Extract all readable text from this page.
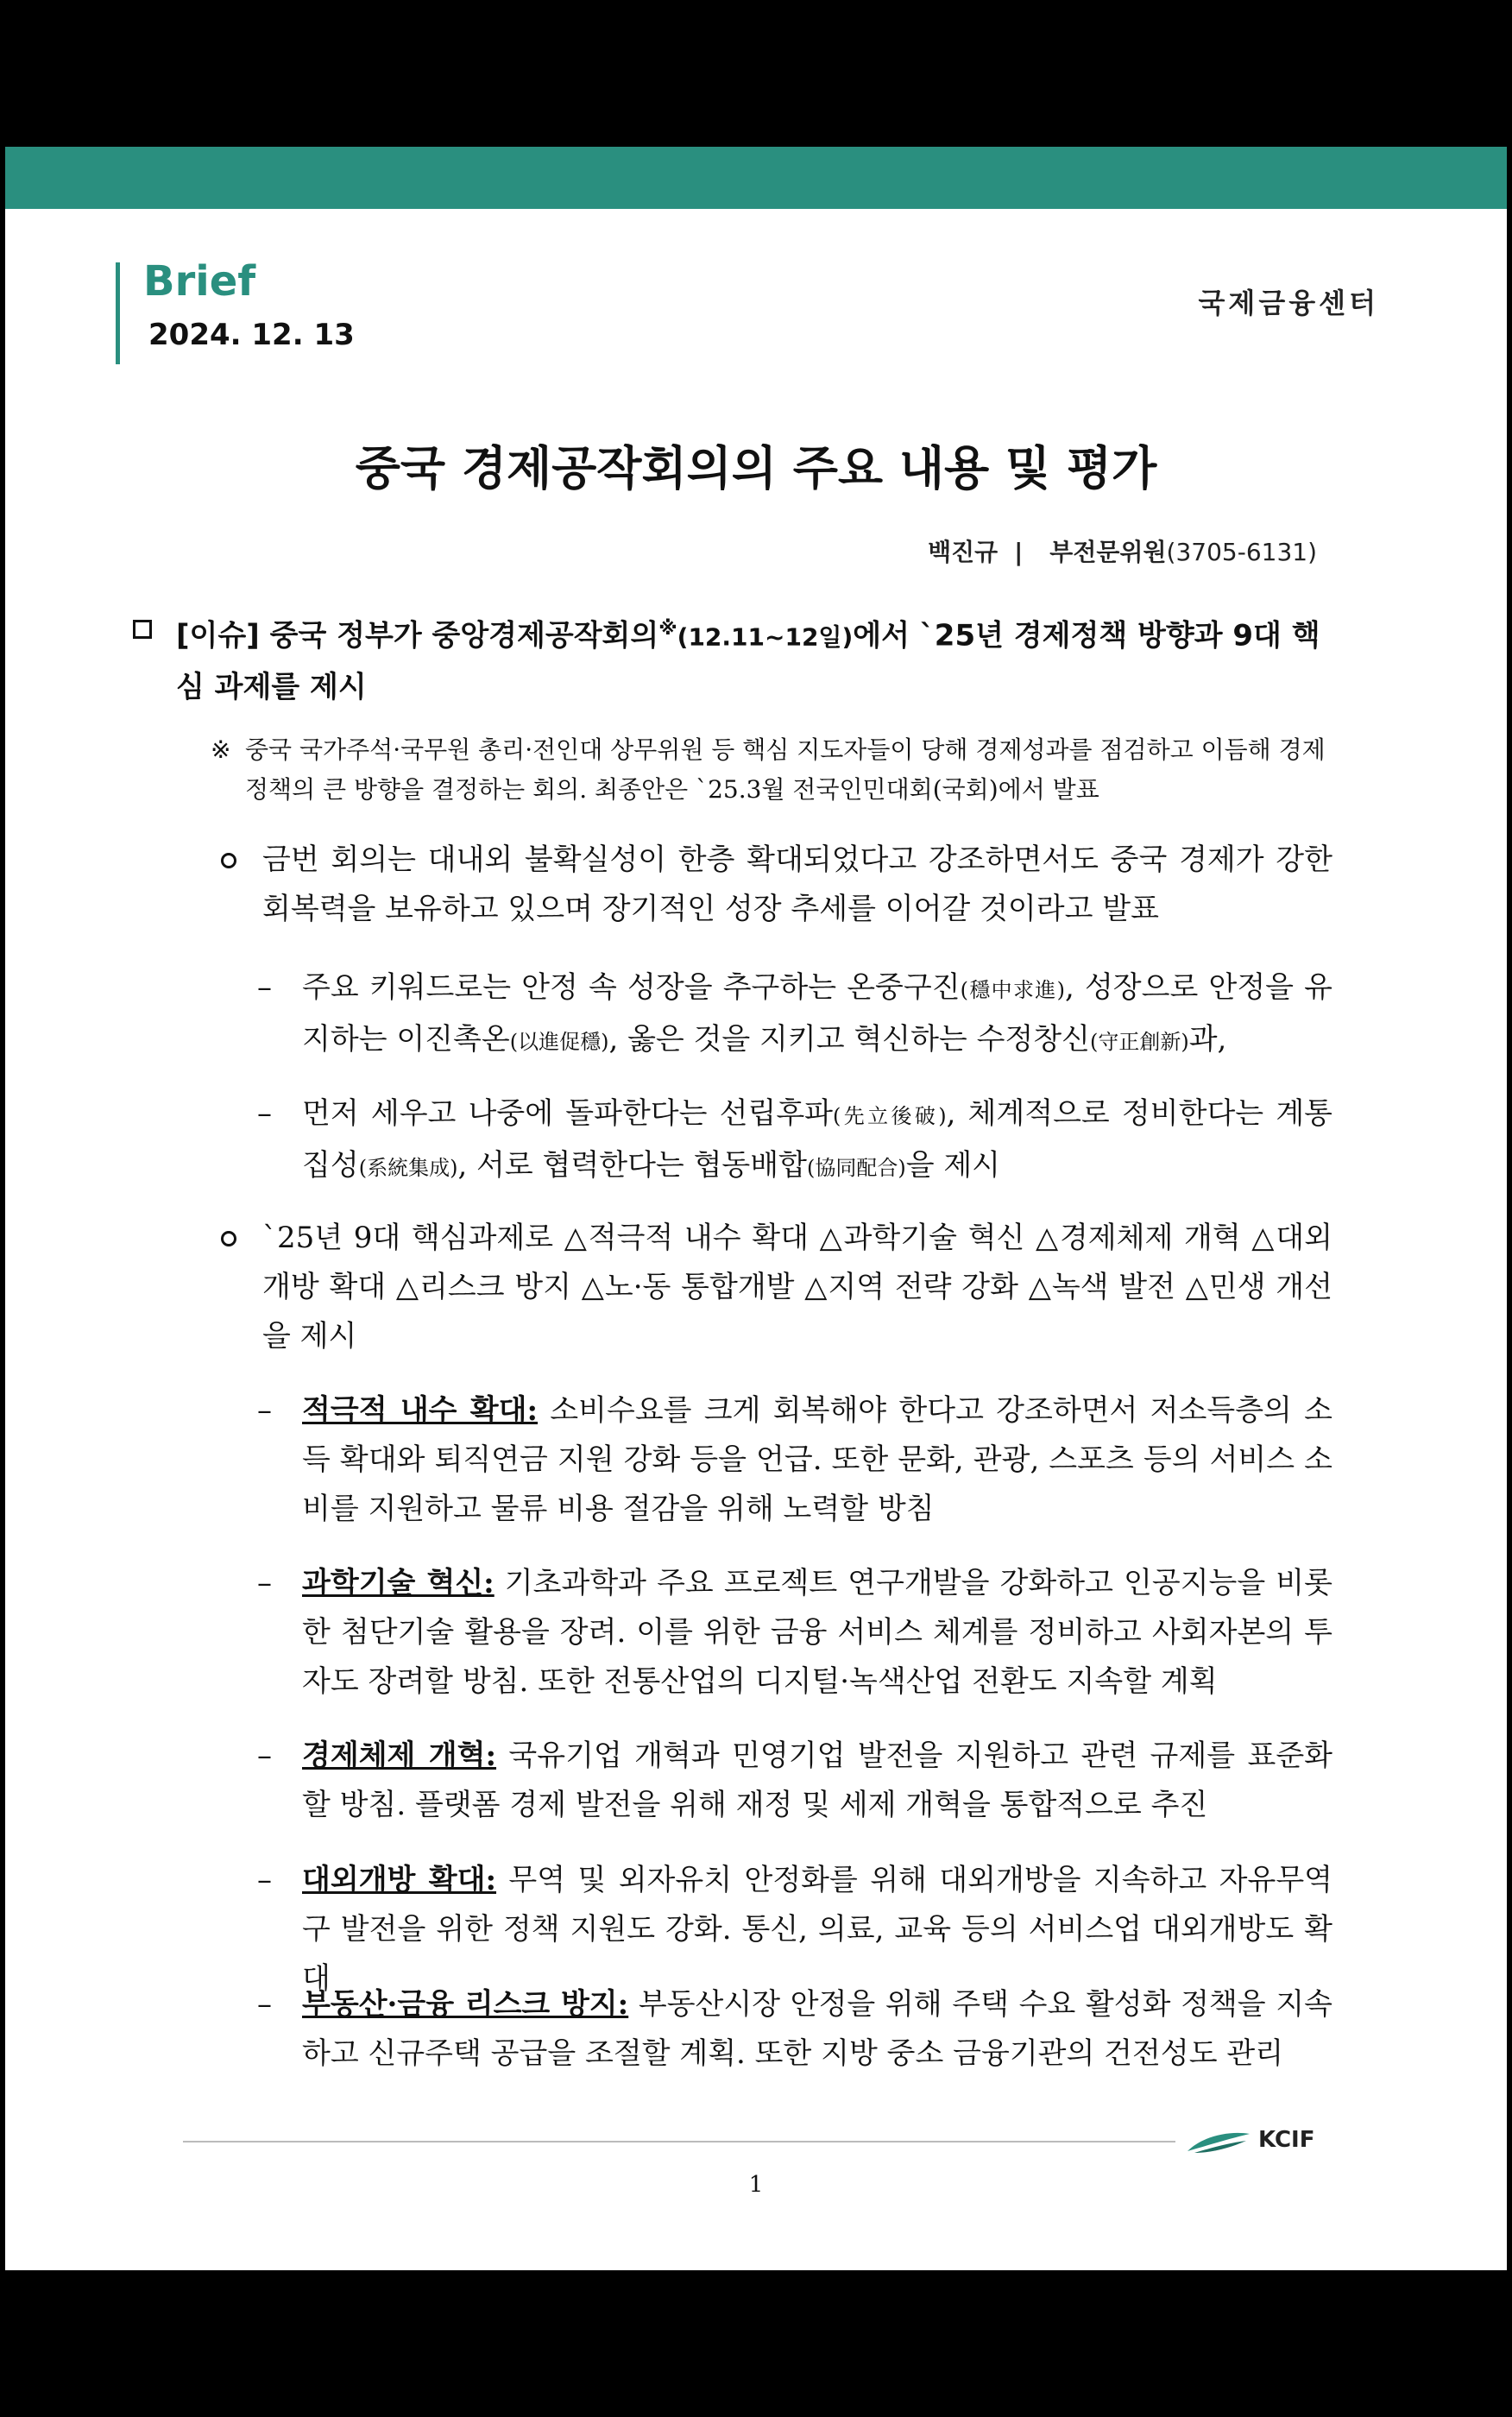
Brief
2024. 12. 13
국제금융센터
중국 경제공작회의의 주요 내용 및 평가
백진규 | 부전문위원(3705-6131)
[이슈] 중국 정부가 중앙경제공작회의※(12.11~12일)에서 `25년 경제정책 방향과 9대 핵심 과제를 제시
※ 중국 국가주석·국무원 총리·전인대 상무위원 등 핵심 지도자들이 당해 경제성과를 점검하고 이듬해 경제정책의 큰 방향을 결정하는 회의. 최종안은 `25.3월 전국인민대회(국회)에서 발표
금번 회의는 대내외 불확실성이 한층 확대되었다고 강조하면서도 중국 경제가 강한 회복력을 보유하고 있으며 장기적인 성장 추세를 이어갈 것이라고 발표
– 주요 키워드로는 안정 속 성장을 추구하는 온중구진(穩中求進), 성장으로 안정을 유지하는 이진촉온(以進促穩), 옳은 것을 지키고 혁신하는 수정창신(守正創新)과,
– 먼저 세우고 나중에 돌파한다는 선립후파(先立後破), 체계적으로 정비한다는 계통 집성(系統集成), 서로 협력한다는 협동배합(協同配合)을 제시
`25년 9대 핵심과제로 △적극적 내수 확대 △과학기술 혁신 △경제체제 개혁 △대외개방 확대 △리스크 방지 △노·동 통합개발 △지역 전략 강화 △녹색 발전 △민생 개선을 제시
– 적극적 내수 확대: 소비수요를 크게 회복해야 한다고 강조하면서 저소득층의 소득 확대와 퇴직연금 지원 강화 등을 언급. 또한 문화, 관광, 스포츠 등의 서비스 소비를 지원하고 물류 비용 절감을 위해 노력할 방침
– 과학기술 혁신: 기초과학과 주요 프로젝트 연구개발을 강화하고 인공지능을 비롯한 첨단기술 활용을 장려. 이를 위한 금융 서비스 체계를 정비하고 사회자본의 투자도 장려할 방침. 또한 전통산업의 디지털·녹색산업 전환도 지속할 계획
– 경제체제 개혁: 국유기업 개혁과 민영기업 발전을 지원하고 관련 규제를 표준화할 방침. 플랫폼 경제 발전을 위해 재정 및 세제 개혁을 통합적으로 추진
– 대외개방 확대: 무역 및 외자유치 안정화를 위해 대외개방을 지속하고 자유무역구 발전을 위한 정책 지원도 강화. 통신, 의료, 교육 등의 서비스업 대외개방도 확대
– 부동산·금융 리스크 방지: 부동산시장 안정을 위해 주택 수요 활성화 정책을 지속하고 신규주택 공급을 조절할 계획. 또한 지방 중소 금융기관의 건전성도 관리
KCIF
1
